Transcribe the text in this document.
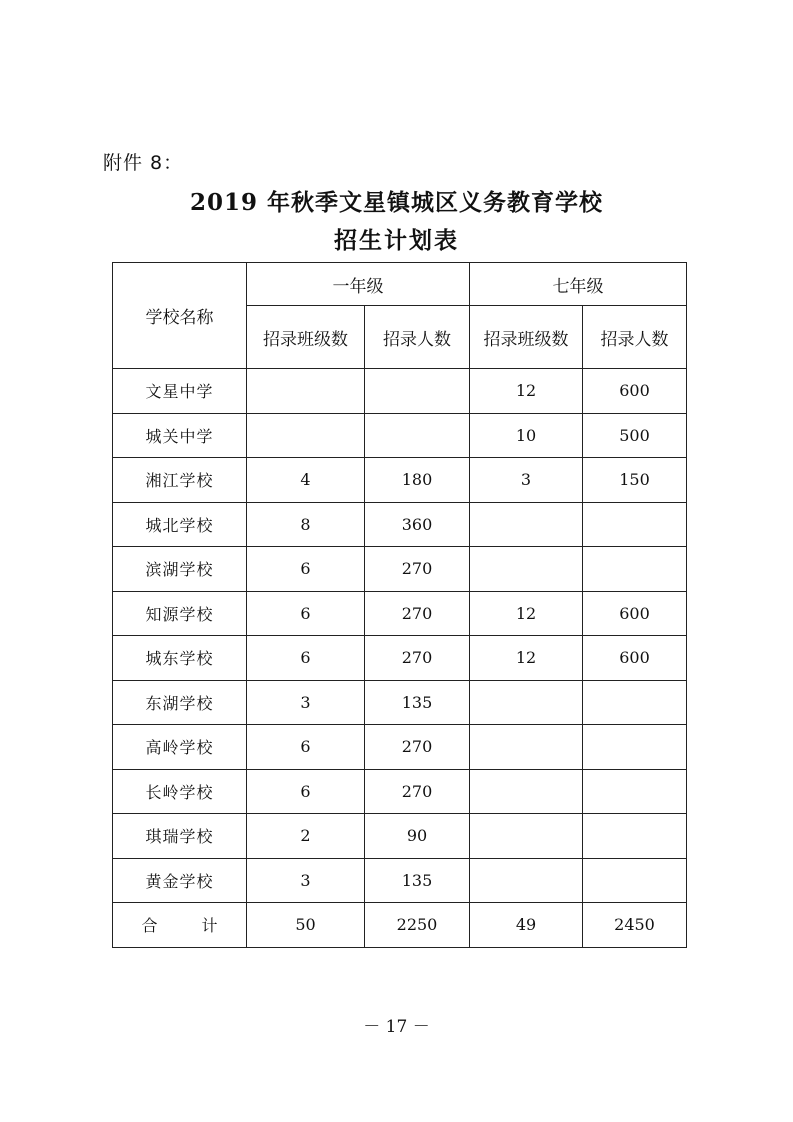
附件 8：
2019 年秋季文星镇城区义务教育学校
招生计划表
学校名称	一年级		七年级	
	招录班级数	招录人数	招录班级数	招录人数
文星中学			12	600
城关中学			10	500
湘江学校	4	180	3	150
城北学校	8	360		
滨湖学校	6	270		
知源学校	6	270	12	600
城东学校	6	270	12	600
东湖学校	3	135		
高岭学校	6	270		
长岭学校	6	270		
琪瑞学校	2	90		
黄金学校	3	135		
合 计	50	2250	49	2450
－ 17 －
